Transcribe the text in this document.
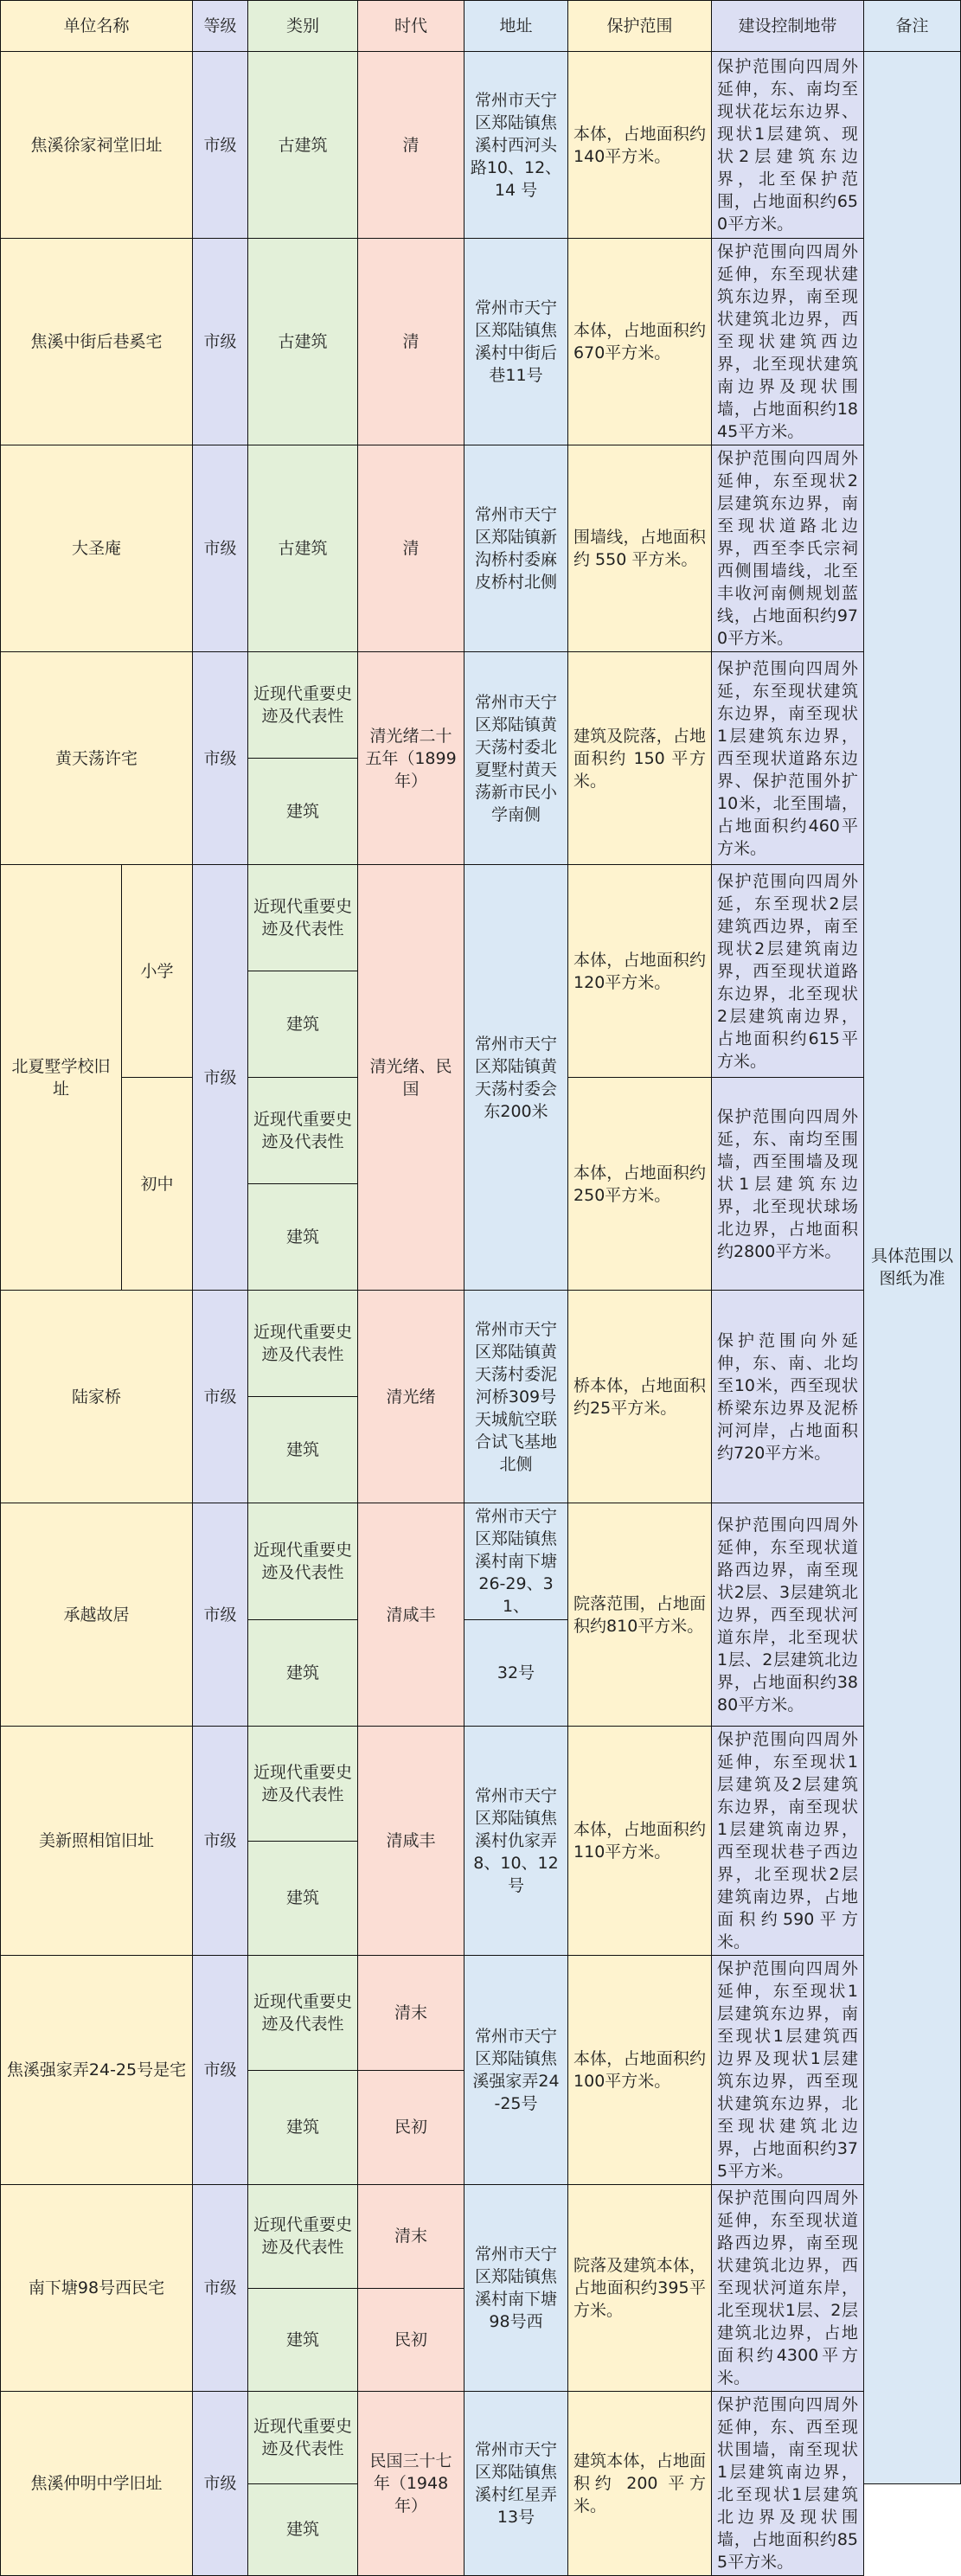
单位名称		等级	类别	时代	地址	保护范围	建设控制地带	备注
焦溪徐家祠堂旧址		市级	古建筑	清	常州市天宁区郑陆镇焦溪村西河头路10、12、14 号	本体，占地面积约140平方米。	保护范围向四周外延伸，东、南均至现状花坛东边界、现状1层建筑、现状2层建筑东边界，北至保护范围，占地面积约650平方米。	具体范围以图纸为准
焦溪中街后巷奚宅		市级	古建筑	清	常州市天宁区郑陆镇焦溪村中街后巷11号	本体，占地面积约670平方米。	保护范围向四周外延伸，东至现状建筑东边界，南至现状建筑北边界，西至现状建筑西边界，北至现状建筑南边界及现状围墙，占地面积约1845平方米。	
大圣庵		市级	古建筑	清	常州市天宁区郑陆镇新沟桥村委麻皮桥村北侧	围墙线，占地面积约 550 平方米。	保护范围向四周外延伸，东至现状2层建筑东边界，南至现状道路北边界，西至李氏宗祠西侧围墙线，北至丰收河南侧规划蓝线，占地面积约970平方米。	
黄天荡许宅		市级	近现代重要史迹及代表性	清光绪二十五年（1899 年）	常州市天宁区郑陆镇黄天荡村委北夏墅村黄天荡新市民小学南侧	建筑及院落，占地面积约 150 平方米。	保护范围向四周外延，东至现状建筑东边界，南至现状1层建筑东边界，西至现状道路东边界、保护范围外扩10米，北至围墙，占地面积约460平方米。	
			建筑					
北夏墅学校旧址	小学	市级	近现代重要史迹及代表性	清光绪、民国	常州市天宁区郑陆镇黄天荡村委会东200米	本体，占地面积约120平方米。	保护范围向四周外延，东至现状2层建筑西边界，南至现状2层建筑南边界，西至现状道路东边界，北至现状2层建筑南边界，占地面积约615平方米。	
			建筑					
	初中		近现代重要史迹及代表性			本体，占地面积约250平方米。	保护范围向四周外延，东、南均至围墙，西至围墙及现状1层建筑东边界，北至现状球场北边界，占地面积约2800平方米。	
			建筑					
陆家桥		市级	近现代重要史迹及代表性	清光绪	常州市天宁区郑陆镇黄天荡村委泥河桥309号天城航空联合试飞基地北侧	桥本体，占地面积约25平方米。	保护范围向外延伸，东、南、北均至10米，西至现状桥梁东边界及泥桥河河岸，占地面积约720平方米。	
			建筑					
承越故居		市级	近现代重要史迹及代表性	清咸丰	常州市天宁区郑陆镇焦溪村南下塘26-29、31、	院落范围，占地面积约810平方米。	保护范围向四周外延伸，东至现状道路西边界，南至现状2层、3层建筑北边界，西至现状河道东岸，北至现状1层、2层建筑北边界，占地面积约3880平方米。	
			建筑		32号			
美新照相馆旧址		市级	近现代重要史迹及代表性	清咸丰	常州市天宁区郑陆镇焦溪村仇家弄8、10、12号	本体，占地面积约110平方米。	保护范围向四周外延伸，东至现状1层建筑及2层建筑东边界，南至现状1层建筑南边界，西至现状巷子西边界，北至现状2层建筑南边界，占地面积约590平方米。	
			建筑					
焦溪强家弄24-25号是宅		市级	近现代重要史迹及代表性	清末	常州市天宁区郑陆镇焦溪强家弄24-25号	本体，占地面积约100平方米。	保护范围向四周外延伸，东至现状1层建筑东边界，南至现状1层建筑西边界及现状1层建筑东边界，西至现状建筑东边界，北至现状建筑北边界，占地面积约375平方米。	
			建筑	民初				
南下塘98号西民宅		市级	近现代重要史迹及代表性	清末	常州市天宁区郑陆镇焦溪村南下塘98号西	院落及建筑本体，占地面积约395平方米。	保护范围向四周外延伸，东至现状道路西边界，南至现状建筑北边界，西至现状河道东岸，北至现状1层、2层建筑北边界，占地面积约4300平方米。	
			建筑	民初				
焦溪仲明中学旧址		市级	近现代重要史迹及代表性	民国三十七年（1948 年）	常州市天宁区郑陆镇焦溪村红星弄13号	建筑本体，占地面积约 200 平方米。	保护范围向四周外延伸，东、西至现状围墙，南至现状1层建筑南边界，北至现状1层建筑北边界及现状围墙，占地面积约855平方米。	
			建筑					
